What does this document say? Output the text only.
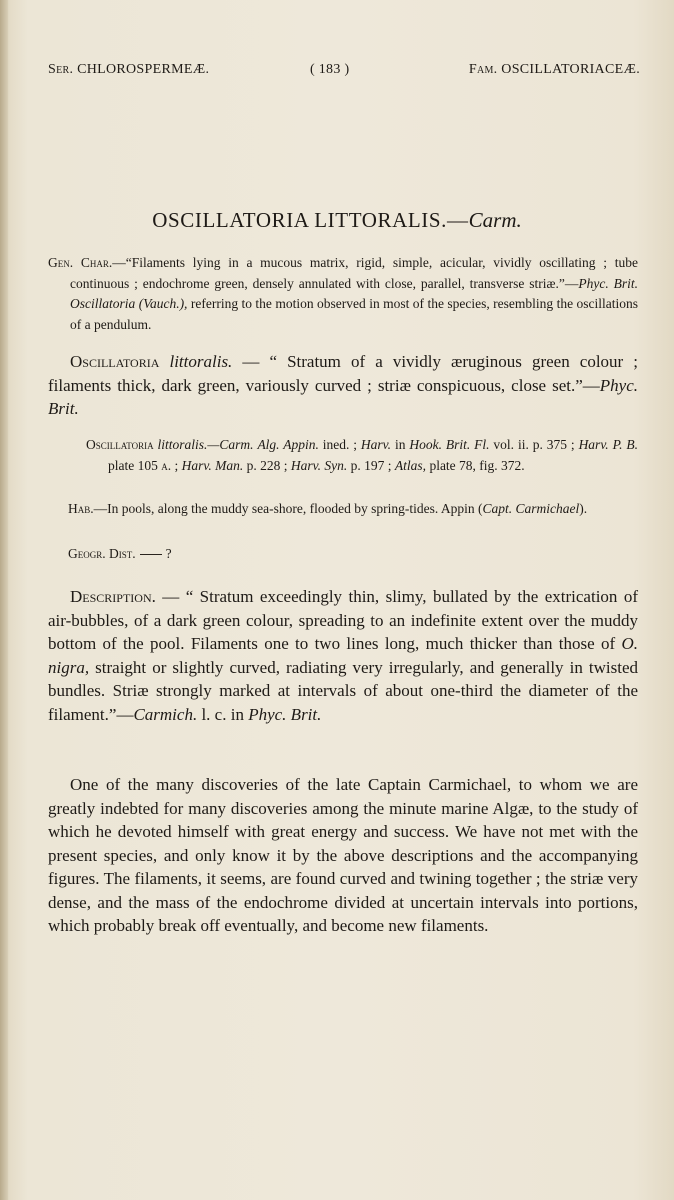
Ser. CHLOROSPERMEÆ.	( 183 )	Fam. OSCILLATORIACEÆ.
OSCILLATORIA LITTORALIS.—Carm.

Gen. Char.—“Filaments lying in a mucous matrix, rigid, simple, acicular, vividly oscillating ; tube continuous ; endochrome green, densely annulated with close, parallel, transverse striæ.”—Phyc. Brit. Oscillatoria (Vauch.), referring to the motion observed in most of the species, resembling the oscillations of a pendulum.

Oscillatoria littoralis. — “ Stratum of a vividly æruginous green colour ; filaments thick, dark green, variously curved ; striæ conspicuous, close set.”—Phyc. Brit.

Oscillatoria littoralis.—Carm. Alg. Appin. ined. ; Harv. in Hook. Brit. Fl. vol. ii. p. 375 ; Harv. P. B. plate 105 a. ; Harv. Man. p. 228 ; Harv. Syn. p. 197 ; Atlas, plate 78, fig. 372.

Hab.—In pools, along the muddy sea-shore, flooded by spring-tides. Appin (Capt. Carmichael).

Geogr. Dist. ?

Description. — “ Stratum exceedingly thin, slimy, bullated by the extrication of air-bubbles, of a dark green colour, spreading to an indefinite extent over the muddy bottom of the pool. Filaments one to two lines long, much thicker than those of O. nigra, straight or slightly curved, radiating very irregularly, and generally in twisted bundles. Striæ strongly marked at intervals of about one-third the diameter of the filament.”—Carmich. l. c. in Phyc. Brit.

One of the many discoveries of the late Captain Carmichael, to whom we are greatly indebted for many discoveries among the minute marine Algæ, to the study of which he devoted himself with great energy and success. We have not met with the present species, and only know it by the above descriptions and the accompanying figures. The filaments, it seems, are found curved and twining together ; the striæ very dense, and the mass of the endochrome divided at uncertain intervals into portions, which probably break off eventually, and become new filaments.
